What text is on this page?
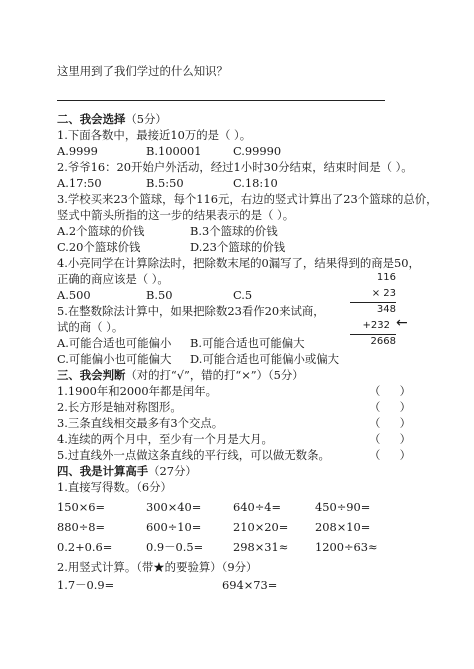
这里用到了我们学过的什么知识？
二、我会选择（5分）
1.下面各数中，最接近10万的是（ ）。
A.9999	B.100001	C.99990
2.爷爷16：20开始户外活动，经过1小时30分结束，结束时间是（ ）。
A.17:50	B.5:50	C.18:10
3.学校买来23个篮球，每个116元，右边的竖式计算出了23个篮球的总价，
竖式中箭头所指的这一步的结果表示的是（ ）。
A.2个篮球的价钱	B.3个篮球的价钱
C.20个篮球价钱	D.23个篮球的价钱
4.小亮同学在计算除法时，把除数末尾的0漏写了，结果得到的商是50，
正确的商应该是（ ）。
A.500	B.50	C.5
5.在整数除法计算中，如果把除数23看作20来试商，
试的商（ ）。
A.可能合适也可能偏小 B.可能合适也可能偏大
C.可能偏小也可能偏大 D.可能合适也可能偏小或偏大
116
× 23
348
+232 ←
2668
三、我会判断（对的打“√”，错的打“×”）（5分）
1.1900年和2000年都是闰年。	（ ）
2.长方形是轴对称图形。	（ ）
3.三条直线相交最多有3个交点。	（ ）
4.连续的两个月中，至少有一个月是大月。	（ ）
5.过直线外一点做这条直线的平行线，可以做无数条。	（ ）
四、我是计算高手（27分）
1.直接写得数。（6分）
150×6=	300×40=	640÷4=	450÷90=
880÷8=	600÷10=	210×20= 208×10=
0.2+0.6=	0.9－0.5=	298×31≈ 1200÷63≈
2.用竖式计算。（带★的要验算）（9分）
1.7－0.9=	694×73=
